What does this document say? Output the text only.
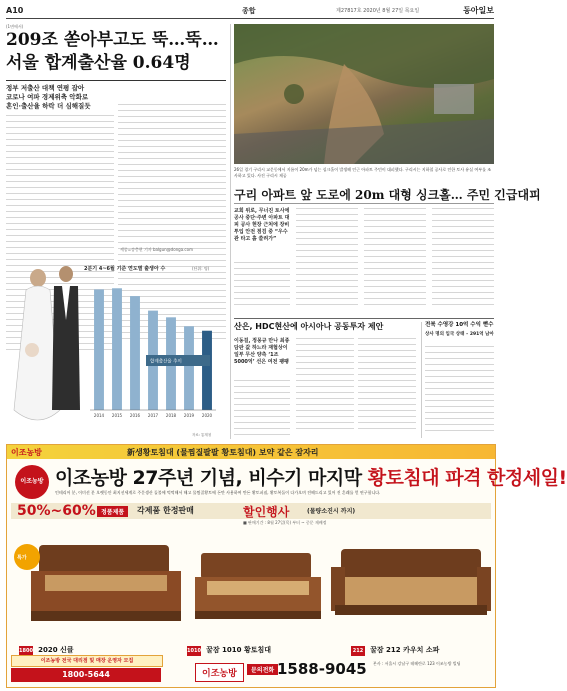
A10	종합	제27817호 2020년 8월 27일 목요일	동아일보
(1면에서)
209조 쏟아부고도 뚝…뚝…
서울 합계출산율 0.64명
정부 저출산 대책 연평 잡아
코로나 여파 경제위축 악화로
혼인·출산율 하락 더 심해질듯
세종=송충현 기자 balgun@donga.com
2분기 4~6월 기준 연도별 출생아 수	(단위: 명)
합계출산율 추이
2014 2015 2016 2017 2018 2019 2020
자료: 통계청
26일 경기 구리시 교문동에서 지름이 20m가 넘는 싱크홀이 발생해 인근 아파트 주민이 대피했다. 구리시는 지하철 공사로 인한 토사 유실 여부를 조사하고 있다. 사진 구리시 제공
구리 아파트 앞 도로에 20m 대형 싱크홀… 주민 긴급대피
교회 위로, 무너진 토사에 공사 중단·주변 아파트 대피 공사 현장 근처에 장비 투입 안전 점검 중 “우수관 타고 흙 쓸려가”
산은, HDC현산에 아시아나 공동투자 제안
이동걸, 정몽규 만나 최종 담판 값 하느라 재협상이 일부 무산 양측 ‘1조5000억’ 선은 여전 팽팽
전북 수영강 10억 수익 뻗수
상사 명의 입국 상태 – 291억 남아
이조농방	新생황토침대 (물찜질팔팔 황토침대) 보약 같은 잠자리
이조농방 이조농방 27주년 기념, 비수기 마지막 황토침대 파격 한정세일!
인테리어 분, 이미선 분 오랫동안 최지선세계로 주문생산 돌볼에 먹먹해서 해고 물찜질황토에 돈만 사용하여 만든 황토퍼짐, 황토복돌이 다가오며 전해드리고 있어 진 흔쾌를 얻 연구합니다.
50%~60% 정품제품	각제품 한정판매	할인행사	(물량소진시 까지)
■ 판매기간 : 8월 27일(목) 부터 ~ 중문 재배정
특가
1800 2020 신클	1010 꿀잠 1010 황토침대	212 꿀잠 212 카우치 소파
이조농방 전국 대리점 및 매장 운영자 모집
1800-5644	이조농방	문의전화 1588-9045 본사 : 서울시 강남구 테헤란로 123 이조농방 빌딩
